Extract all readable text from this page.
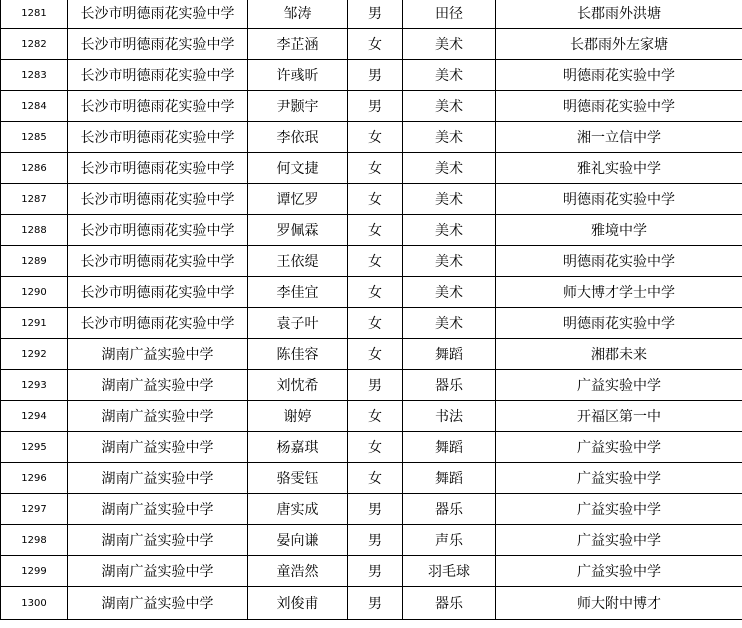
1281	长沙市明德雨花实验中学	邹涛	男	田径	长郡雨外洪塘
1282	长沙市明德雨花实验中学	李芷涵	女	美术	长郡雨外左家塘
1283	长沙市明德雨花实验中学	许彧昕	男	美术	明德雨花实验中学
1284	长沙市明德雨花实验中学	尹颢宇	男	美术	明德雨花实验中学
1285	长沙市明德雨花实验中学	李依珉	女	美术	湘一立信中学
1286	长沙市明德雨花实验中学	何文捷	女	美术	雅礼实验中学
1287	长沙市明德雨花实验中学	谭忆罗	女	美术	明德雨花实验中学
1288	长沙市明德雨花实验中学	罗佩霖	女	美术	雅境中学
1289	长沙市明德雨花实验中学	王依缇	女	美术	明德雨花实验中学
1290	长沙市明德雨花实验中学	李佳宜	女	美术	师大博才学士中学
1291	长沙市明德雨花实验中学	袁子叶	女	美术	明德雨花实验中学
1292	湖南广益实验中学	陈佳容	女	舞蹈	湘郡未来
1293	湖南广益实验中学	刘忱希	男	器乐	广益实验中学
1294	湖南广益实验中学	谢婷	女	书法	开福区第一中
1295	湖南广益实验中学	杨嘉琪	女	舞蹈	广益实验中学
1296	湖南广益实验中学	骆雯钰	女	舞蹈	广益实验中学
1297	湖南广益实验中学	唐实成	男	器乐	广益实验中学
1298	湖南广益实验中学	晏向谦	男	声乐	广益实验中学
1299	湖南广益实验中学	童浩然	男	羽毛球	广益实验中学
1300	湖南广益实验中学	刘俊甫	男	器乐	师大附中博才
